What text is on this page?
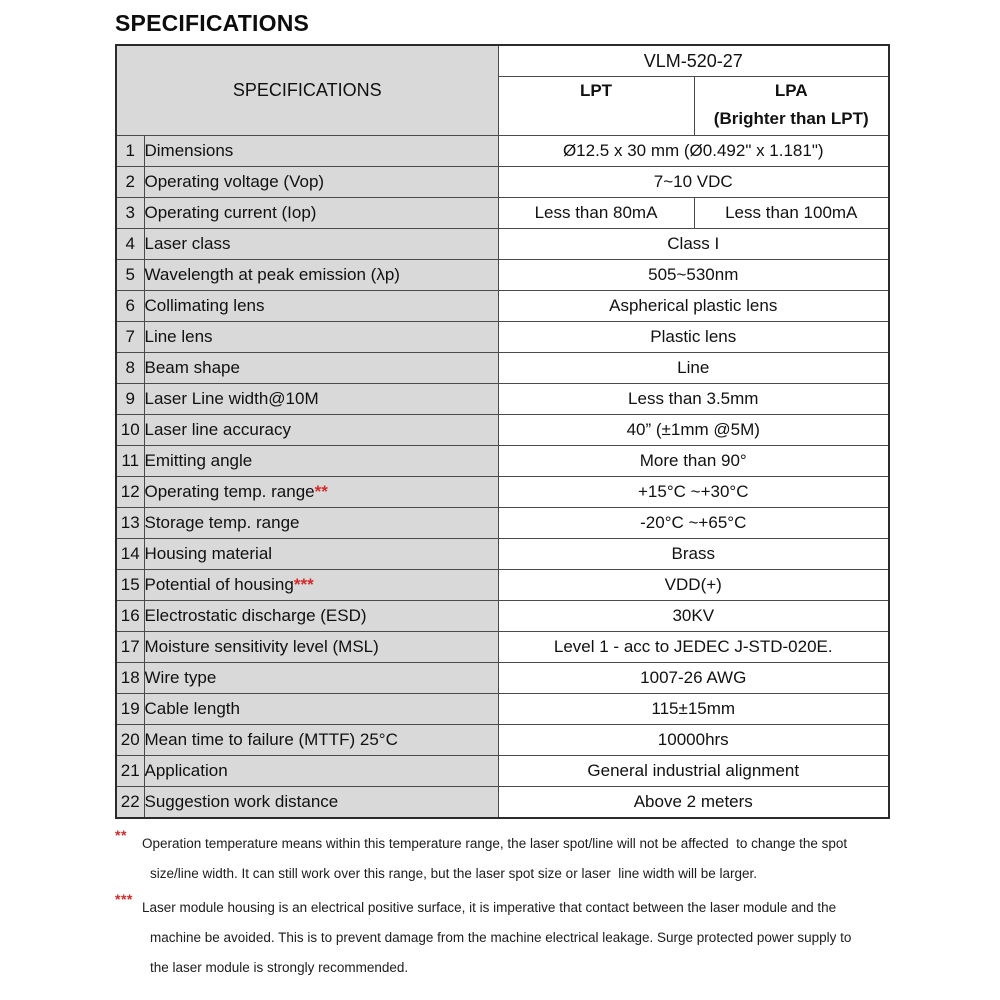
SPECIFICATIONS
SPECIFICATIONS		VLM-520-27	
		LPT	LPA
(Brighter than LPT)

1	Dimensions	Ø12.5 x 30 mm (Ø0.492" x 1.181")	
2	Operating voltage (Vop)	7~10 VDC	
3	Operating current (Iop)	Less than 80mA	Less than 100mA
4	Laser class	Class I	
5	Wavelength at peak emission (λp)	505~530nm	
6	Collimating lens	Aspherical plastic lens	
7	Line lens	Plastic lens	
8	Beam shape	Line	
9	Laser Line width@10M	Less than 3.5mm	
10	Laser line accuracy	40” (±1mm @5M)	
11	Emitting angle	More than 90°	
12	Operating temp. range**	+15°C ~+30°C	
13	Storage temp. range	-20°C ~+65°C	
14	Housing material	Brass	
15	Potential of housing***	VDD(+)	
16	Electrostatic discharge (ESD)	30KV	
17	Moisture sensitivity level (MSL)	Level 1 - acc to JEDEC J-STD-020E.	
18	Wire type	1007-26 AWG	
19	Cable length	115±15mm	
20	Mean time to failure (MTTF) 25°C	10000hrs	
21	Application	General industrial alignment	
22	Suggestion work distance	Above 2 meters	
**
Operation temperature means within this temperature range, the laser spot/line will not be affected  to change the spot
size/line width. It can still work over this range, but the laser spot size or laser  line width will be larger.
***
Laser module housing is an electrical positive surface, it is imperative that contact between the laser module and the
machine be avoided. This is to prevent damage from the machine electrical leakage. Surge protected power supply to
the laser module is strongly recommended.
